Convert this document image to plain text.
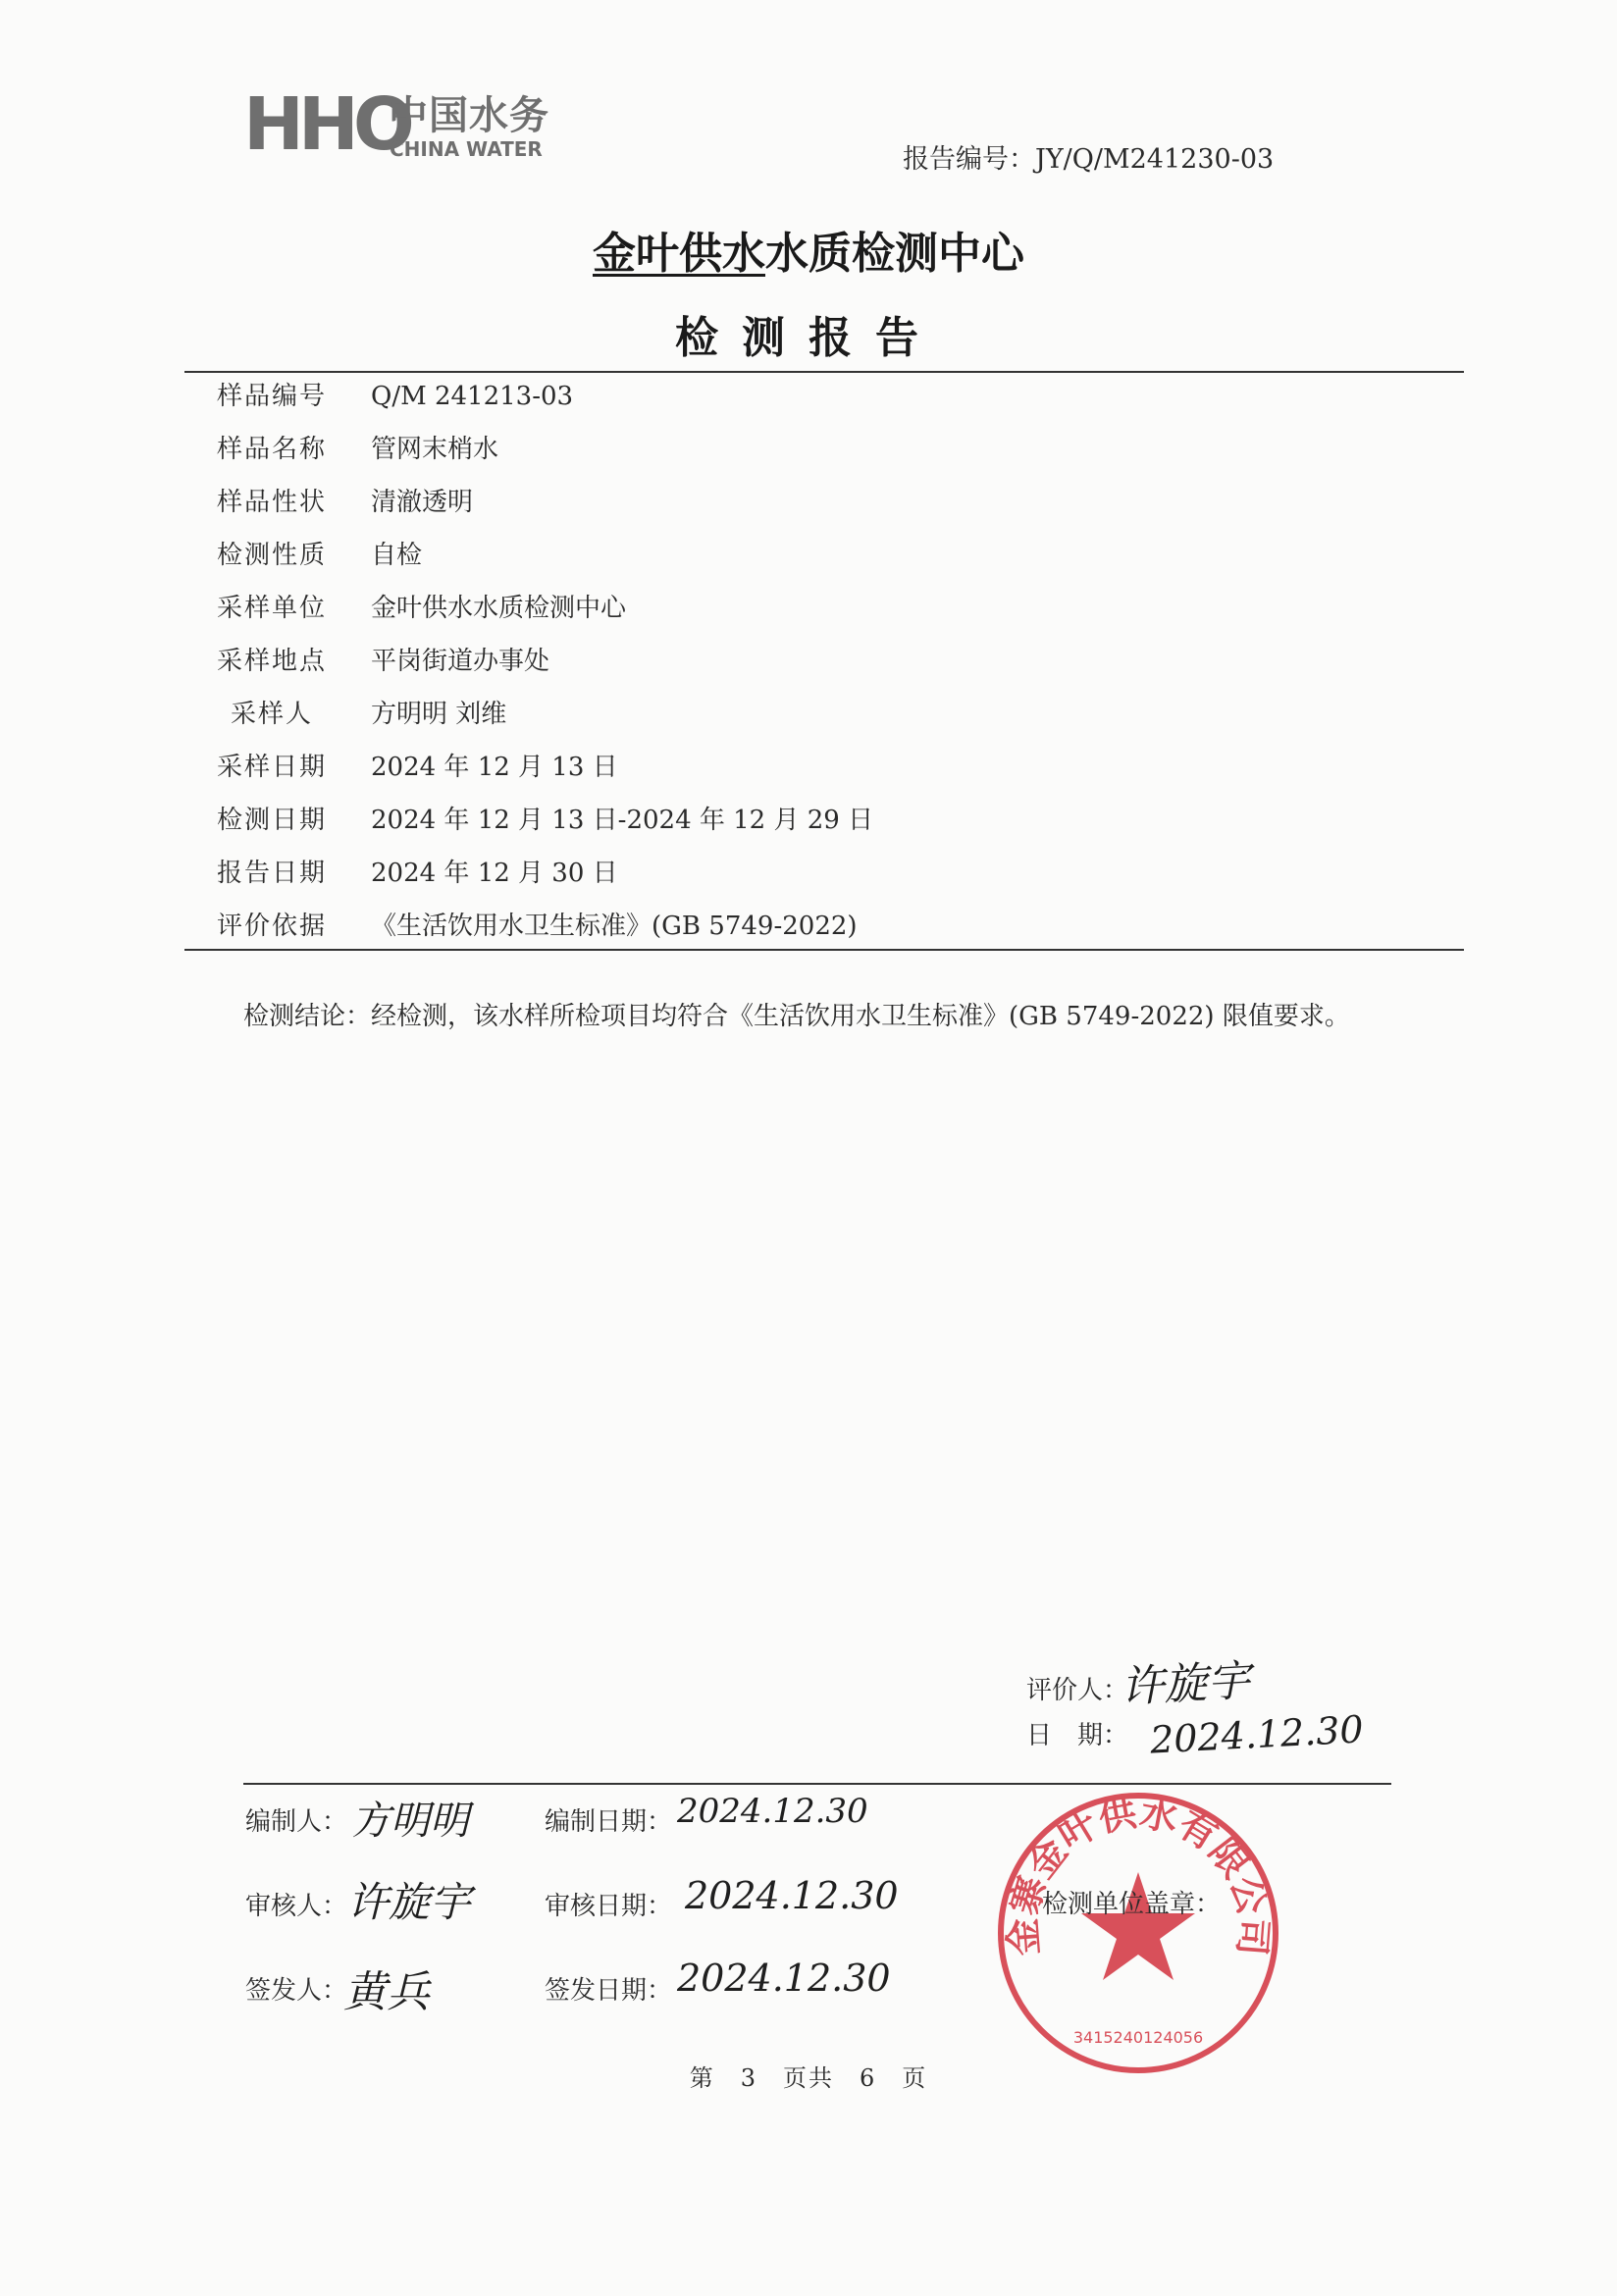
HHO
中国水务
CHINA WATER	报告编号：JY/Q/M241230-03
金叶供水水质检测中心
检测报告
样品编号 Q/M 241213-03
样品名称 管网末梢水
样品性状 清澈透明
检测性质 自检
采样单位 金叶供水水质检测中心
采样地点 平岗街道办事处
采样人	方明明 刘维
采样日期 2024 年 12 月 13 日
检测日期 2024 年 12 月 13 日-2024 年 12 月 29 日
报告日期 2024 年 12 月 30 日
评价依据 《生活饮用水卫生标准》(GB 5749-2022)
检测结论：经检测，该水样所检项目均符合《生活饮用水卫生标准》(GB 5749-2022) 限值要求。
评价人：
许旋宇
日　期： 2024.12.30
金寨金叶供水有限公司
3415240124056
编制人： 方明明	编制日期： 2024.12.30
审核人： 许旋宇	审核日期： 2024.12.30	检测单位盖章：
签发人：
黄兵	签发日期： 2024.12.30
第　3　页共　6　页
